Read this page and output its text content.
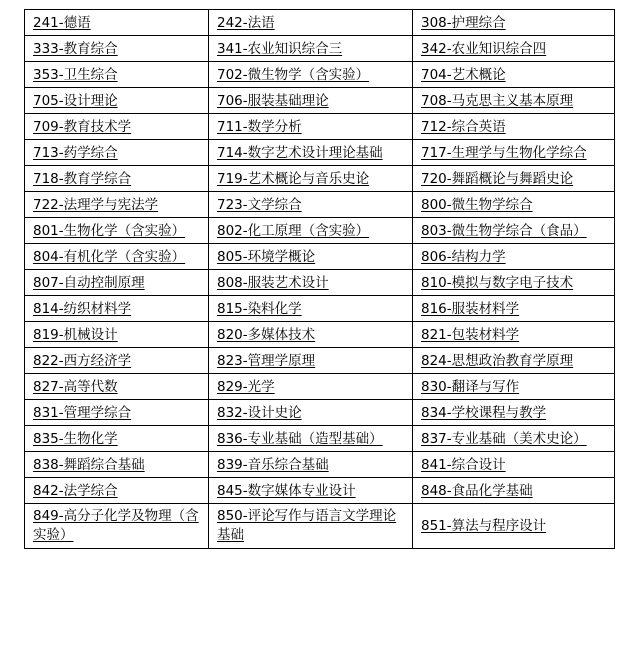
241-德语	242-法语	308-护理综合
333-教育综合	341-农业知识综合三	342-农业知识综合四
353-卫生综合	702-微生物学（含实验）	704-艺术概论
705-设计理论	706-服装基础理论	708-马克思主义基本原理
709-教育技术学	711-数学分析	712-综合英语
713-药学综合	714-数字艺术设计理论基础	717-生理学与生物化学综合
718-教育学综合	719-艺术概论与音乐史论	720-舞蹈概论与舞蹈史论
722-法理学与宪法学	723-文学综合	800-微生物学综合
801-生物化学（含实验）	802-化工原理（含实验）	803-微生物学综合（食品）
804-有机化学（含实验）	805-环境学概论	806-结构力学
807-自动控制原理	808-服装艺术设计	810-模拟与数字电子技术
814-纺织材料学	815-染料化学	816-服装材料学
819-机械设计	820-多媒体技术	821-包装材料学
822-西方经济学	823-管理学原理	824-思想政治教育学原理
827-高等代数	829-光学	830-翻译与写作
831-管理学综合	832-设计史论	834-学校课程与教学
835-生物化学	836-专业基础（造型基础）	837-专业基础（美术史论）
838-舞蹈综合基础	839-音乐综合基础	841-综合设计
842-法学综合	845-数字媒体专业设计	848-食品化学基础
849-高分子化学及物理（含实验）	850-评论写作与语言文学理论基础	851-算法与程序设计
